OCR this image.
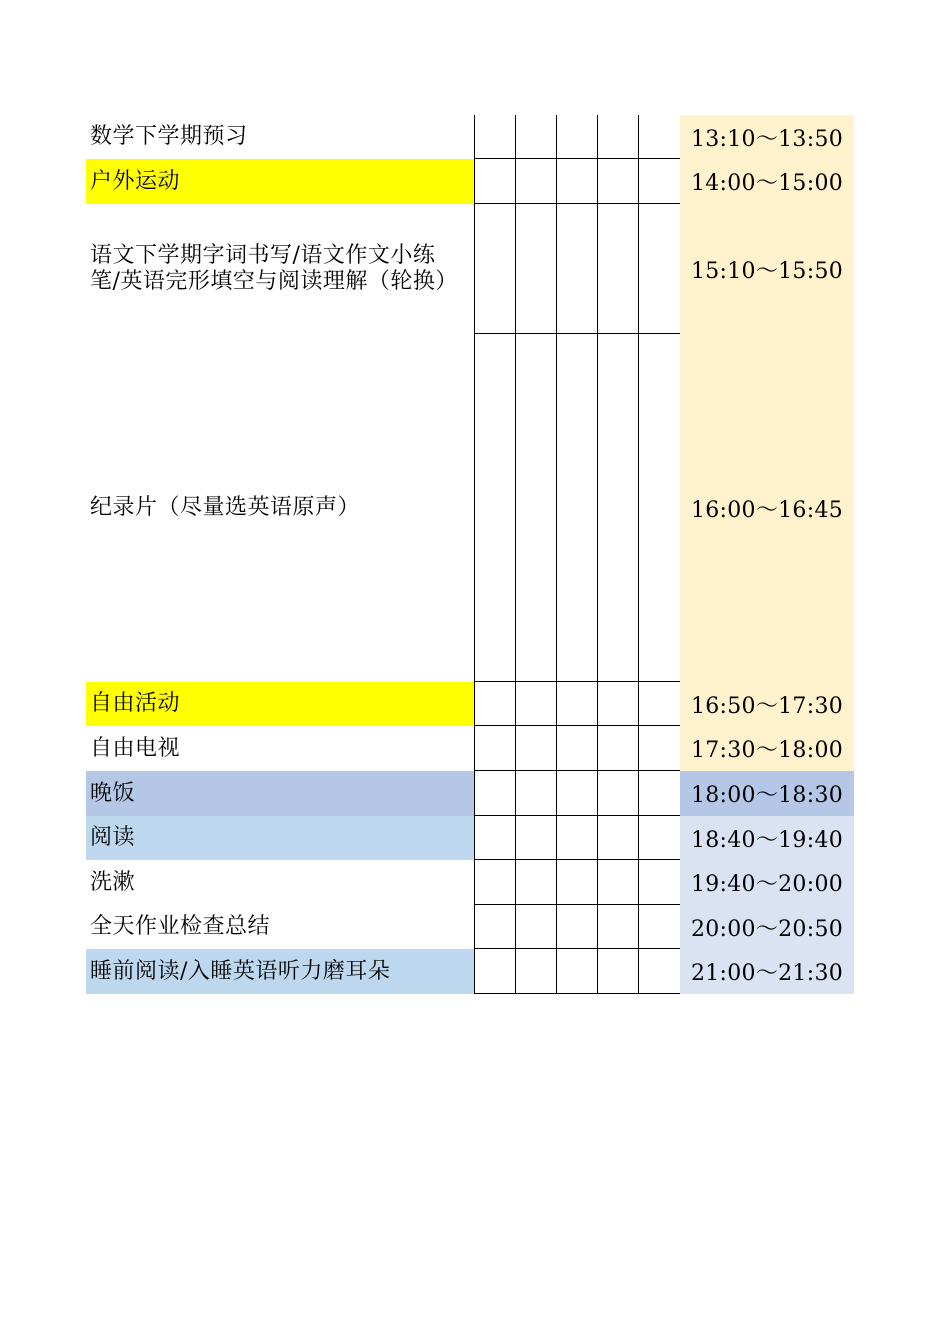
数学下学期预习	13:10～13:50
户外运动	14:00～15:00
语文下学期字词书写/语文作文小练笔/英语完形填空与阅读理解（轮换）	15:10～15:50
纪录片（尽量选英语原声）	16:00～16:45
自由活动	16:50～17:30
自由电视	17:30～18:00
晚饭	18:00～18:30
阅读	18:40～19:40
洗漱	19:40～20:00
全天作业检查总结	20:00～20:50
睡前阅读/入睡英语听力磨耳朵	21:00～21:30
